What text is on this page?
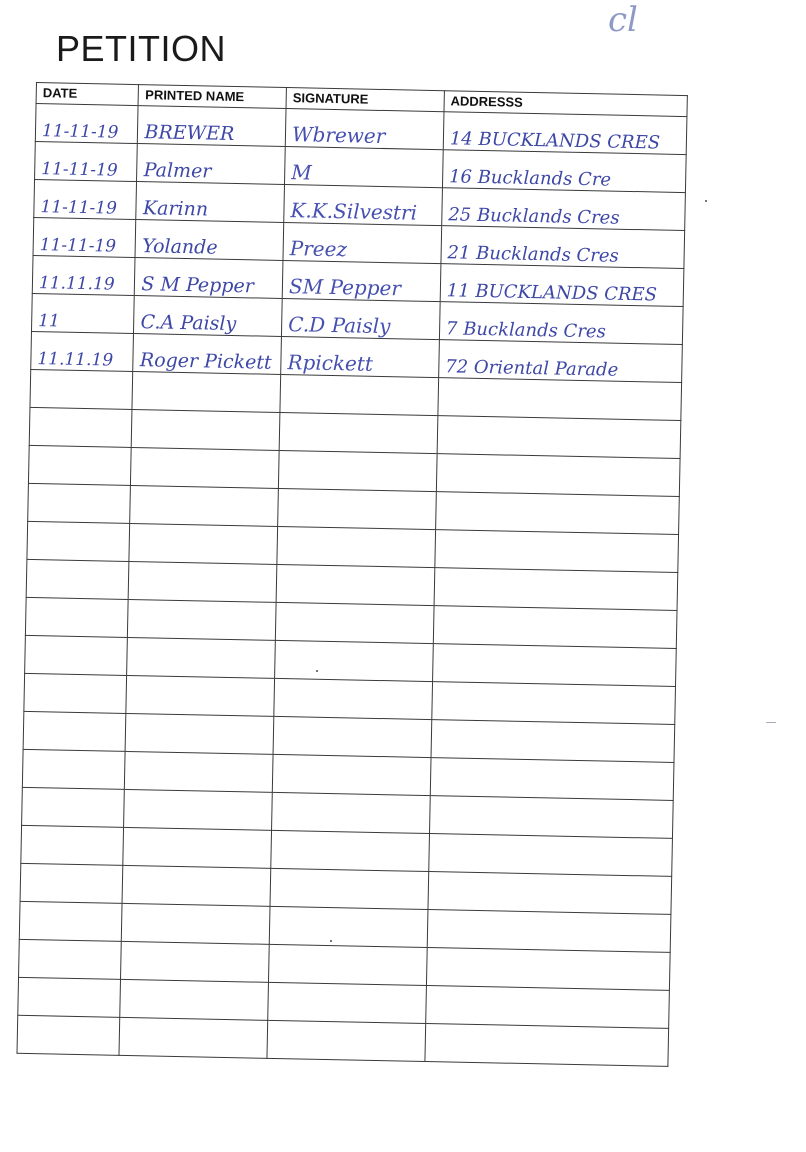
cl
PETITION
DATE	PRINTED NAME	SIGNATURE	ADDRESSS
11-11-19	BREWER	Wbrewer	14 BUCKLANDS CRES
11-11-19	Palmer	M	16 Bucklands Cre
11-11-19	Karinn	K.K.Silvestri	25 Bucklands Cres
11-11-19	Yolande	Preez	21 Bucklands Cres
11.11.19	S M Pepper	SM Pepper	11 BUCKLANDS CRES
11	C.A Paisly	C.D Paisly	7 Bucklands Cres
11.11.19	Roger Pickett	Rpickett	72 Oriental Parade
